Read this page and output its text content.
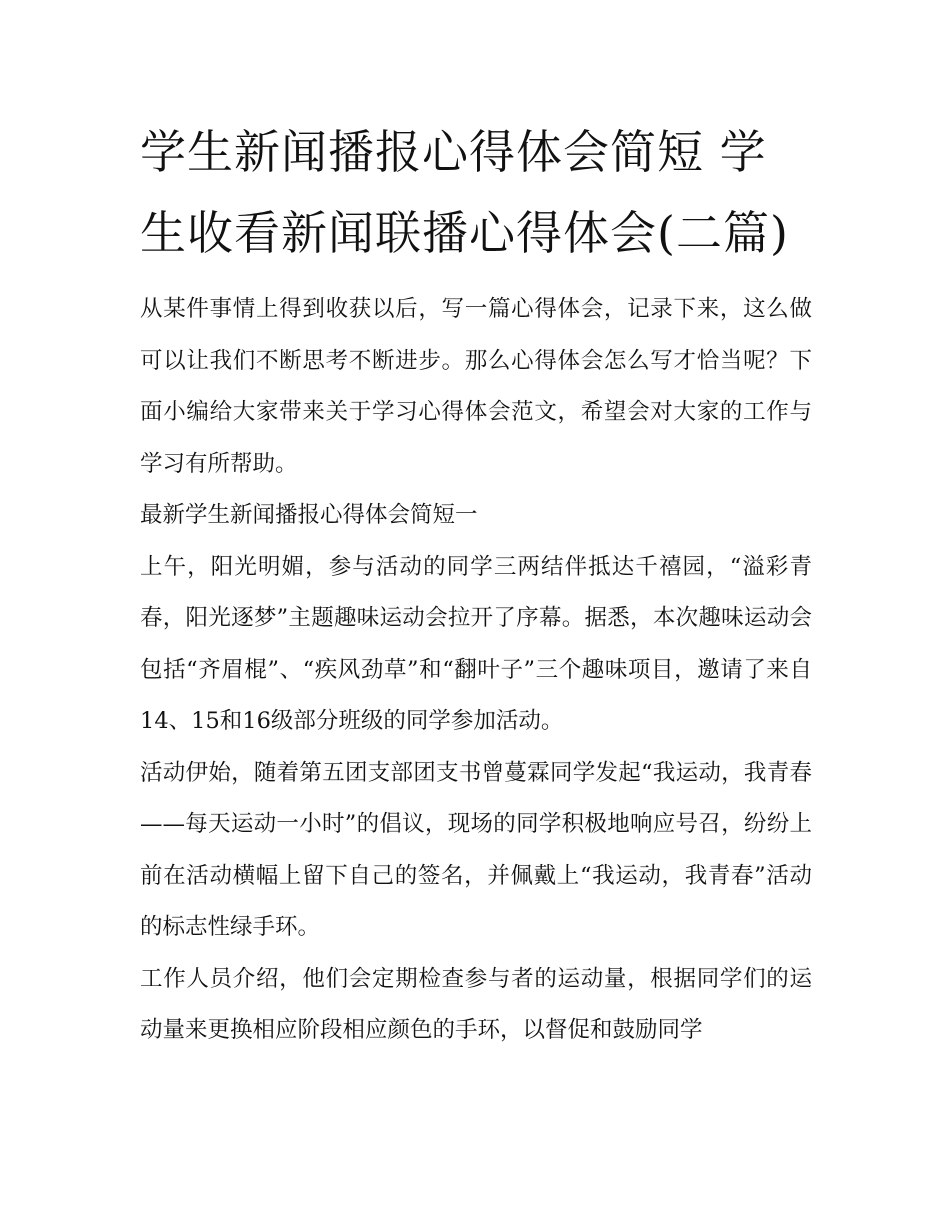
学生新闻播报心得体会简短 学生收看新闻联播心得体会(二篇)

从某件事情上得到收获以后，写一篇心得体会，记录下来，这么做可以让我们不断思考不断进步。那么心得体会怎么写才恰当呢？下面小编给大家带来关于学习心得体会范文，希望会对大家的工作与学习有所帮助。

最新学生新闻播报心得体会简短一

上午，阳光明媚，参与活动的同学三两结伴抵达千禧园，“溢彩青春，阳光逐梦”主题趣味运动会拉开了序幕。据悉，本次趣味运动会包括“齐眉棍”、“疾风劲草”和“翻叶子”三个趣味项目，邀请了来自14、15和16级部分班级的同学参加活动。

活动伊始，随着第五团支部团支书曾蔓霖同学发起“我运动，我青春——每天运动一小时”的倡议，现场的同学积极地响应号召，纷纷上前在活动横幅上留下自己的签名，并佩戴上“我运动，我青春”活动的标志性绿手环。

工作人员介绍，他们会定期检查参与者的运动量，根据同学们的运动量来更换相应阶段相应颜色的手环，以督促和鼓励同学
